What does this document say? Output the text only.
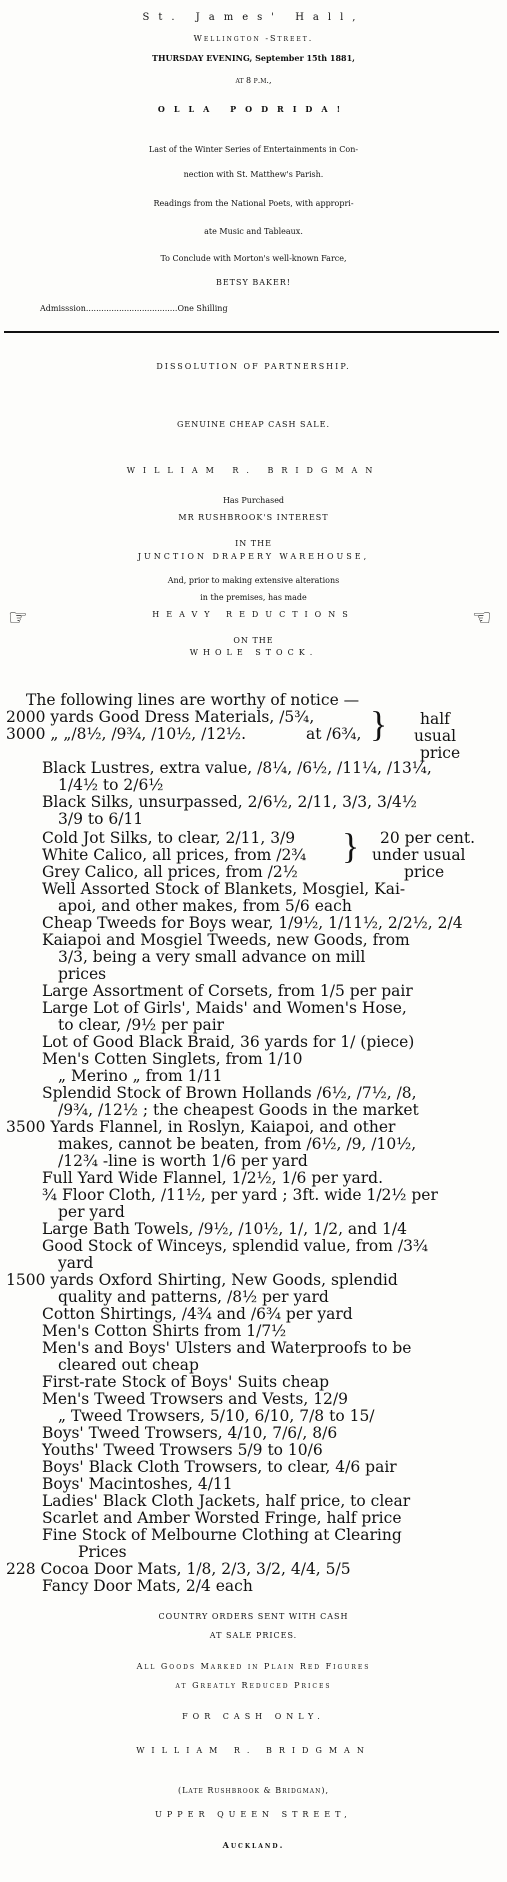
St. James' Hall,
Wellington -Street.
THURSDAY EVENING, September 15th 1881,
at 8 p.m.,
OLLA PODRIDA!
Last of the Winter Series of Entertainments in Con-
nection with St. Matthew's Parish.
Readings from the National Poets, with appropri-
ate Music and Tableaux.
To Conclude with Morton's well-known Farce,
BETSY BAKER!
Admisssion....................................One Shilling
DISSOLUTION OF PARTNERSHIP.
GENUINE CHEAP CASH SALE.
WILLIAM R. BRIDGMAN
Has Purchased
MR RUSHBROOK'S INTEREST
IN THE
JUNCTION DRAPERY WAREHOUSE,
And, prior to making extensive alterations
in the premises, has made
☞	HEAVY REDUCTIONS	☜
ON THE
WHOLE STOCK.
The following lines are worthy of notice —
2000 yards Good Dress Materials, /5¾,
3000 „ „/8½, /9¾, /10½, /12½.	at /6¾, } half
usual
price
Black Lustres, extra value, /8¼, /6½, /11¼, /13¼,
1/4½ to 2/6½
Black Silks, unsurpassed, 2/6½, 2/11, 3/3, 3/4½
3/9 to 6/11
Cold Jot Silks, to clear, 2/11, 3/9
White Calico, all prices, from /2¾
Grey Calico, all prices, from /2½
} 20 per cent.
under usual
price
Well Assorted Stock of Blankets, Mosgiel, Kai-
apoi, and other makes, from 5/6 each
Cheap Tweeds for Boys wear, 1/9½, 1/11½, 2/2½, 2/4
Kaiapoi and Mosgiel Tweeds, new Goods, from
3/3, being a very small advance on mill
prices
Large Assortment of Corsets, from 1/5 per pair
Large Lot of Girls', Maids' and Women's Hose,
to clear, /9½ per pair
Lot of Good Black Braid, 36 yards for 1/ (piece)
Men's Cotten Singlets, from 1/10
„ Merino „ from 1/11
Splendid Stock of Brown Hollands /6½, /7½, /8,
/9¾, /12½ ; the cheapest Goods in the market
3500 Yards Flannel, in Roslyn, Kaiapoi, and other
makes, cannot be beaten, from /6½, /9, /10½,
/12¾ -line is worth 1/6 per yard
Full Yard Wide Flannel, 1/2½, 1/6 per yard.
¾ Floor Cloth, /11½, per yard ; 3ft. wide 1/2½ per
per yard
Large Bath Towels, /9½, /10½, 1/, 1/2, and 1/4
Good Stock of Winceys, splendid value, from /3¾
yard
1500 yards Oxford Shirting, New Goods, splendid
quality and patterns, /8½ per yard
Cotton Shirtings, /4¾ and /6¾ per yard
Men's Cotton Shirts from 1/7½
Men's and Boys' Ulsters and Waterproofs to be
cleared out cheap
First-rate Stock of Boys' Suits cheap
Men's Tweed Trowsers and Vests, 12/9
„ Tweed Trowsers, 5/10, 6/10, 7/8 to 15/
Boys' Tweed Trowsers, 4/10, 7/6/, 8/6
Youths' Tweed Trowsers 5/9 to 10/6
Boys' Black Cloth Trowsers, to clear, 4/6 pair
Boys' Macintoshes, 4/11
Ladies' Black Cloth Jackets, half price, to clear
Scarlet and Amber Worsted Fringe, half price
Fine Stock of Melbourne Clothing at Clearing
Prices
228 Cocoa Door Mats, 1/8, 2/3, 3/2, 4/4, 5/5
Fancy Door Mats, 2/4 each
COUNTRY ORDERS SENT WITH CASH
AT SALE PRICES.
All Goods Marked in Plain Red Figures
at Greatly Reduced Prices
FOR CASH ONLY.
WILLIAM R. BRIDGMAN
(Late Rushbrook & Bridgman),
UPPER QUEEN STREET,
Auckland.
